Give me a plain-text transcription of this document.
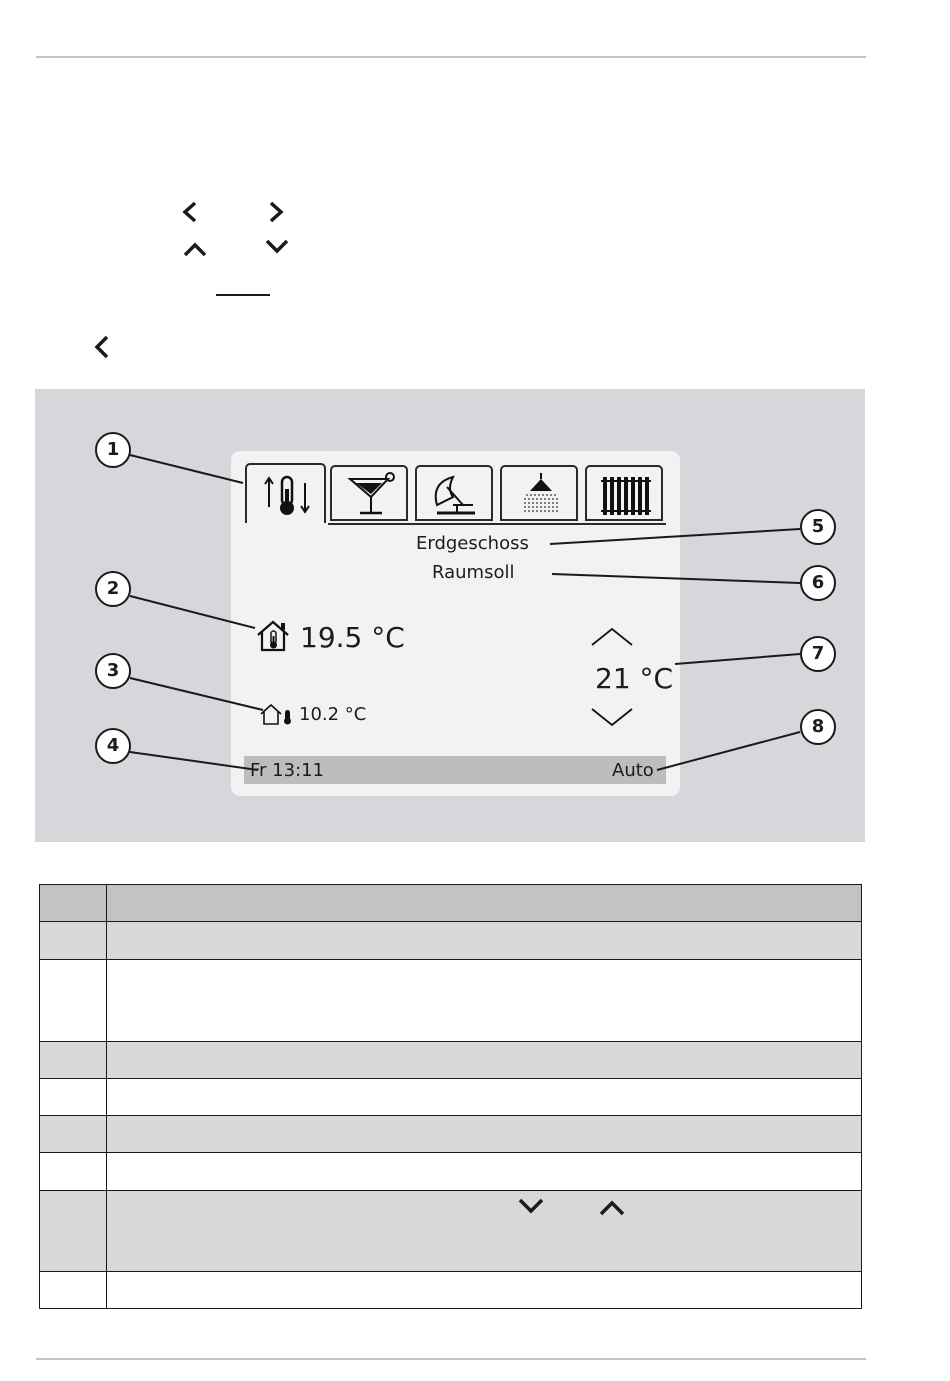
Erdgeschoss
Raumsoll
19.5 °C
10.2 °C
21 °C
Fr 13:11	Auto
1
2
3
4
5
6
7
8
